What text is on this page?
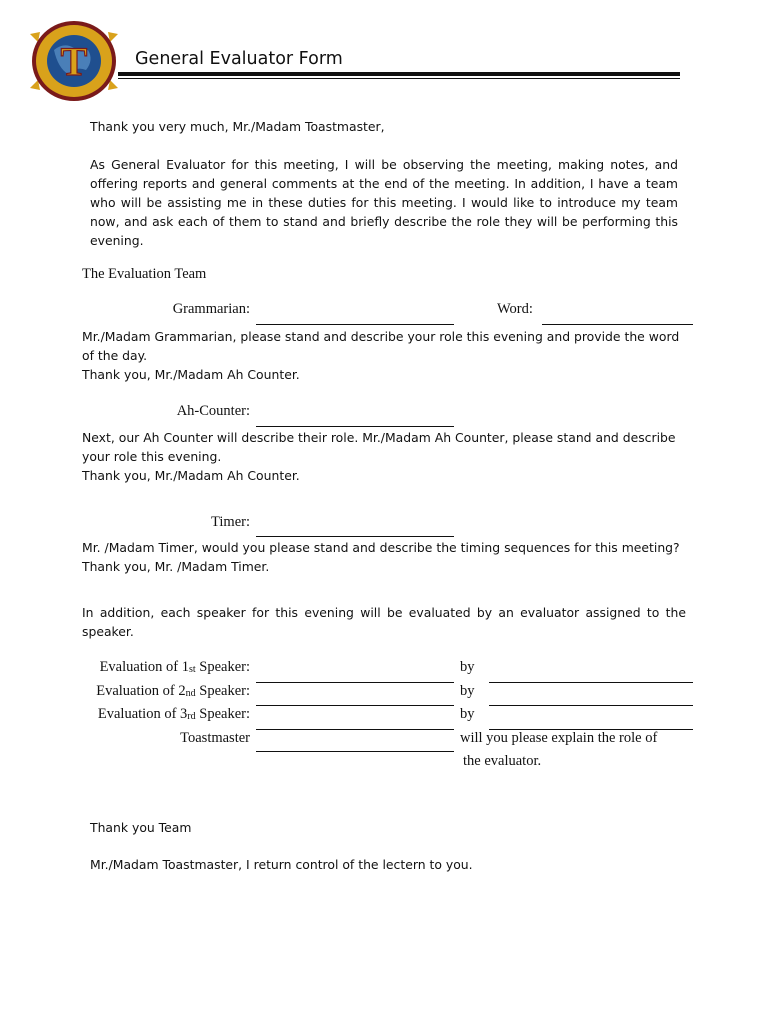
T	General Evaluator Form
Thank you very much, Mr./Madam Toastmaster,
As General Evaluator for this meeting, I will be observing the meeting, making notes, and offering reports and general comments at the end of the meeting. In addition, I have a team who will be assisting me in these duties for this meeting. I would like to introduce my team now, and ask each of them to stand and briefly describe the role they will be performing this evening.
The Evaluation Team
Grammarian:	Word:
Mr./Madam Grammarian, please stand and describe your role this evening and provide the word of the day.
Thank you, Mr./Madam Ah Counter.
Ah-Counter:
Next, our Ah Counter will describe their role. Mr./Madam Ah Counter, please stand and describe your role this evening.
Thank you, Mr./Madam Ah Counter.
Timer:
Mr. /Madam Timer, would you please stand and describe the timing sequences for this meeting?
Thank you, Mr. /Madam Timer.
In addition, each speaker for this evening will be evaluated by an evaluator assigned to the speaker.
Evaluation of $1_{st}$ Speaker:	by
Evaluation of $2_{nd}$ Speaker:	by
Evaluation of $3_{rd}$ Speaker:	by
Toastmaster	will you please explain the role of
the evaluator.
Thank you Team
Mr./Madam Toastmaster, I return control of the lectern to you.
